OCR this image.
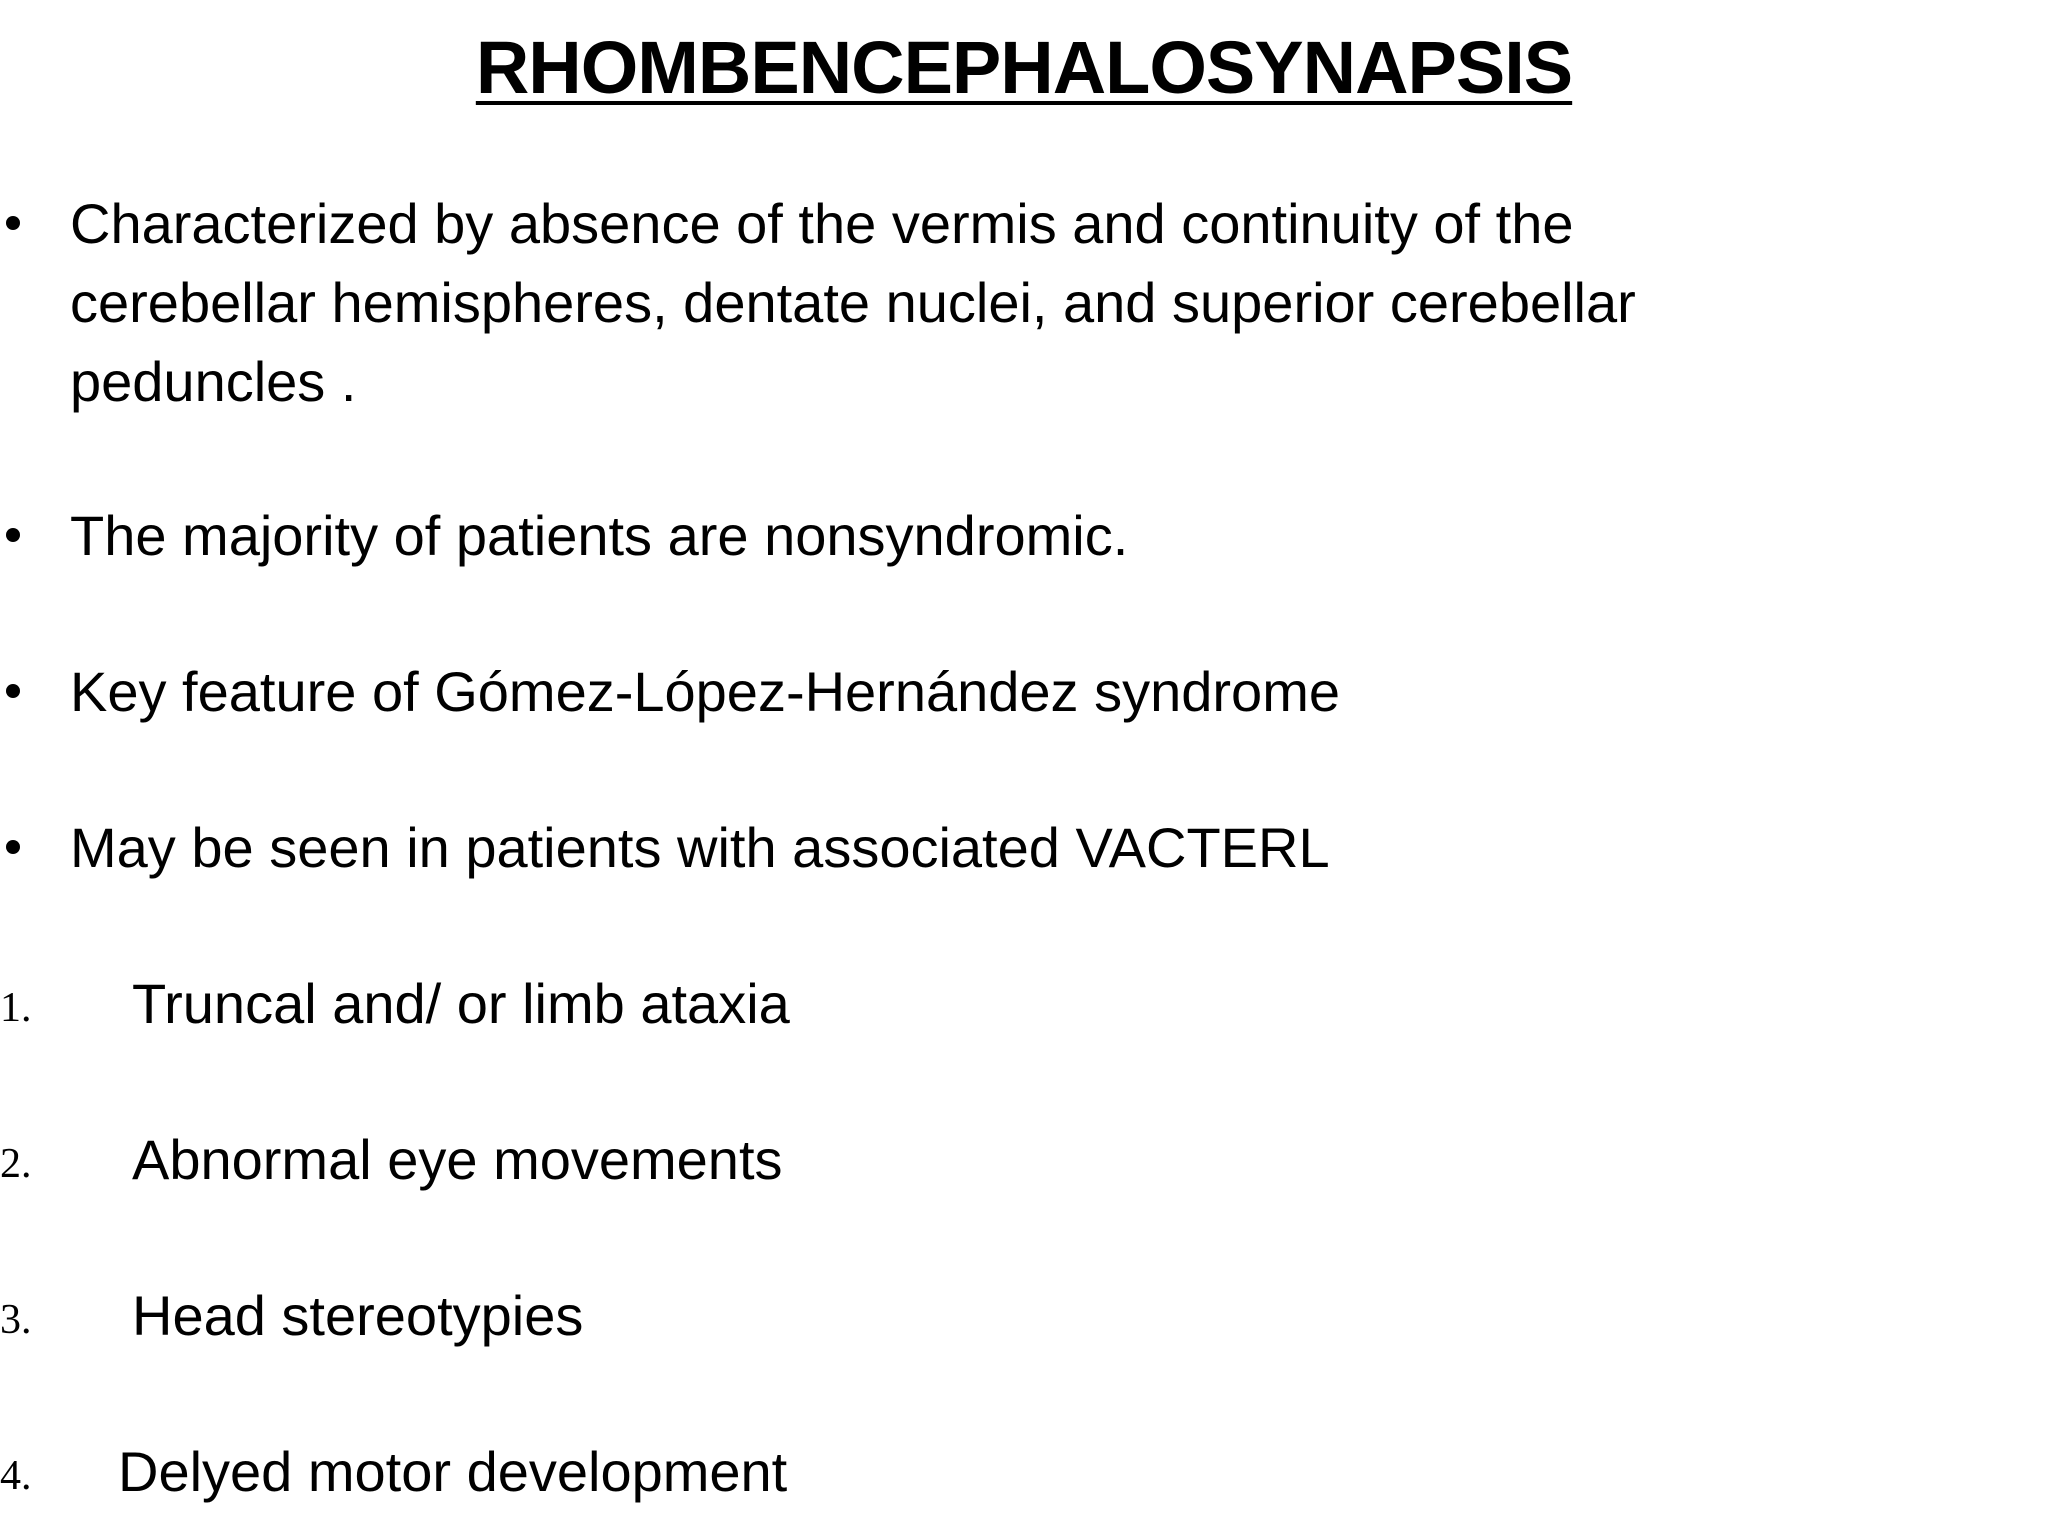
RHOMBENCEPHALOSYNAPSIS
Characterized by absence of the vermis and continuity of the
cerebellar hemispheres, dentate nuclei, and superior cerebellar
peduncles .
The majority of patients are nonsyndromic.
Key feature of Gómez-López-Hernández syndrome
May be seen in patients with associated VACTERL
1. Truncal and/ or limb ataxia
2. Abnormal eye movements
3. Head stereotypies
4. Delyed motor development
